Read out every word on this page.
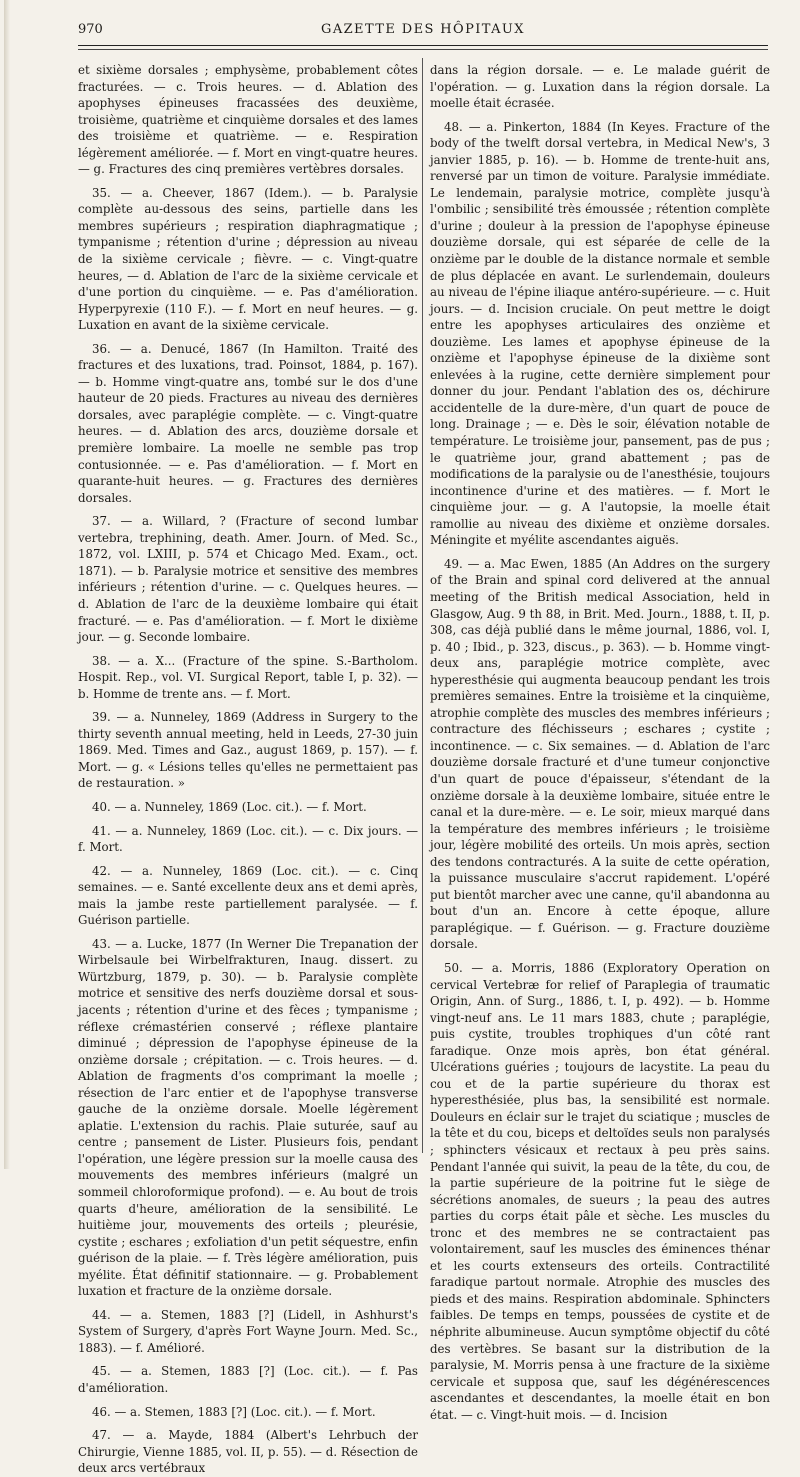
970	GAZETTE DES HÔPITAUX

et sixième dorsales ; emphysème, probablement côtes fracturées. — c. Trois heures. — d. Ablation des apophyses épineuses fracassées des deuxième, troisième, quatrième et cinquième dorsales et des lames des troisième et quatrième. — e. Respiration légèrement améliorée. — f. Mort en vingt-quatre heures. — g. Fractures des cinq premières vertèbres dorsales.

35. — a. Cheever, 1867 (Idem.). — b. Paralysie complète au-dessous des seins, partielle dans les membres supérieurs ; respiration diaphragmatique ; tympanisme ; rétention d'urine ; dépression au niveau de la sixième cervicale ; fièvre. — c. Vingt-quatre heures, — d. Ablation de l'arc de la sixième cervicale et d'une portion du cinquième. — e. Pas d'amélioration. Hyperpyrexie (110 F.). — f. Mort en neuf heures. — g. Luxation en avant de la sixième cervicale.

36. — a. Denucé, 1867 (In Hamilton. Traité des fractures et des luxations, trad. Poinsot, 1884, p. 167). — b. Homme vingt-quatre ans, tombé sur le dos d'une hauteur de 20 pieds. Fractures au niveau des dernières dorsales, avec paraplégie complète. — c. Vingt-quatre heures. — d. Ablation des arcs, douzième dorsale et première lombaire. La moelle ne semble pas trop contusionnée. — e. Pas d'amélioration. — f. Mort en quarante-huit heures. — g. Fractures des dernières dorsales.

37. — a. Willard, ? (Fracture of second lumbar vertebra, trephining, death. Amer. Journ. of Med. Sc., 1872, vol. LXIII, p. 574 et Chicago Med. Exam., oct. 1871). — b. Paralysie motrice et sensitive des membres inférieurs ; rétention d'urine. — c. Quelques heures. — d. Ablation de l'arc de la deuxième lombaire qui était fracturé. — e. Pas d'amélioration. — f. Mort le dixième jour. — g. Seconde lombaire.

38. — a. X... (Fracture of the spine. S.-Bartholom. Hospit. Rep., vol. VI. Surgical Report, table I, p. 32). — b. Homme de trente ans. — f. Mort.

39. — a. Nunneley, 1869 (Address in Surgery to the thirty seventh annual meeting, held in Leeds, 27-30 juin 1869. Med. Times and Gaz., august 1869, p. 157). — f. Mort. — g. « Lésions telles qu'elles ne permettaient pas de restauration. »

40. — a. Nunneley, 1869 (Loc. cit.). — f. Mort.

41. — a. Nunneley, 1869 (Loc. cit.). — c. Dix jours. — f. Mort.

42. — a. Nunneley, 1869 (Loc. cit.). — c. Cinq semaines. — e. Santé excellente deux ans et demi après, mais la jambe reste partiellement paralysée. — f. Guérison partielle.

43. — a. Lucke, 1877 (In Werner Die Trepanation der Wirbelsaule bei Wirbelfrakturen, Inaug. dissert. zu Würtzburg, 1879, p. 30). — b. Paralysie complète motrice et sensitive des nerfs douzième dorsal et sous-jacents ; rétention d'urine et des fèces ; tympanisme ; réflexe crémastérien conservé ; réflexe plantaire diminué ; dépression de l'apophyse épineuse de la onzième dorsale ; crépitation. — c. Trois heures. — d. Ablation de fragments d'os comprimant la moelle ; résection de l'arc entier et de l'apophyse transverse gauche de la onzième dorsale. Moelle légèrement aplatie. L'extension du rachis. Plaie suturée, sauf au centre ; pansement de Lister. Plusieurs fois, pendant l'opération, une légère pression sur la moelle causa des mouvements des membres inférieurs (malgré un sommeil chloroformique profond). — e. Au bout de trois quarts d'heure, amélioration de la sensibilité. Le huitième jour, mouvements des orteils ; pleurésie, cystite ; eschares ; exfoliation d'un petit séquestre, enfin guérison de la plaie. — f. Très légère amélioration, puis myélite. État définitif stationnaire. — g. Probablement luxation et fracture de la onzième dorsale.

44. — a. Stemen, 1883 [?] (Lidell, in Ashhurst's System of Surgery, d'après Fort Wayne Journ. Med. Sc., 1883). — f. Amélioré.

45. — a. Stemen, 1883 [?] (Loc. cit.). — f. Pas d'amélioration.

46. — a. Stemen, 1883 [?] (Loc. cit.). — f. Mort.

47. — a. Mayde, 1884 (Albert's Lehrbuch der Chirurgie, Vienne 1885, vol. II, p. 55). — d. Résection de deux arcs vertébraux

dans la région dorsale. — e. Le malade guérit de l'opération. — g. Luxation dans la région dorsale. La moelle était écrasée.

48. — a. Pinkerton, 1884 (In Keyes. Fracture of the body of the twelft dorsal vertebra, in Medical New's, 3 janvier 1885, p. 16). — b. Homme de trente-huit ans, renversé par un timon de voiture. Paralysie immédiate. Le lendemain, paralysie motrice, complète jusqu'à l'ombilic ; sensibilité très émoussée ; rétention complète d'urine ; douleur à la pression de l'apophyse épineuse douzième dorsale, qui est séparée de celle de la onzième par le double de la distance normale et semble de plus déplacée en avant. Le surlendemain, douleurs au niveau de l'épine iliaque antéro-supérieure. — c. Huit jours. — d. Incision cruciale. On peut mettre le doigt entre les apophyses articulaires des onzième et douzième. Les lames et apophyse épineuse de la onzième et l'apophyse épineuse de la dixième sont enlevées à la rugine, cette dernière simplement pour donner du jour. Pendant l'ablation des os, déchirure accidentelle de la dure-mère, d'un quart de pouce de long. Drainage ; — e. Dès le soir, élévation notable de température. Le troisième jour, pansement, pas de pus ; le quatrième jour, grand abattement ; pas de modifications de la paralysie ou de l'anesthésie, toujours incontinence d'urine et des matières. — f. Mort le cinquième jour. — g. A l'autopsie, la moelle était ramollie au niveau des dixième et onzième dorsales. Méningite et myélite ascendantes aiguës.

49. — a. Mac Ewen, 1885 (An Addres on the surgery of the Brain and spinal cord delivered at the annual meeting of the British medical Association, held in Glasgow, Aug. 9 th 88, in Brit. Med. Journ., 1888, t. II, p. 308, cas déjà publié dans le même journal, 1886, vol. I, p. 40 ; Ibid., p. 323, discus., p. 363). — b. Homme vingt-deux ans, paraplégie motrice complète, avec hyperesthésie qui augmenta beaucoup pendant les trois premières semaines. Entre la troisième et la cinquième, atrophie complète des muscles des membres inférieurs ; contracture des fléchisseurs ; eschares ; cystite ; incontinence. — c. Six semaines. — d. Ablation de l'arc douzième dorsale fracturé et d'une tumeur conjonctive d'un quart de pouce d'épaisseur, s'étendant de la onzième dorsale à la deuxième lombaire, située entre le canal et la dure-mère. — e. Le soir, mieux marqué dans la température des membres inférieurs ; le troisième jour, légère mobilité des orteils. Un mois après, section des tendons contracturés. A la suite de cette opération, la puissance musculaire s'accrut rapidement. L'opéré put bientôt marcher avec une canne, qu'il abandonna au bout d'un an. Encore à cette époque, allure paraplégique. — f. Guérison. — g. Fracture douzième dorsale.

50. — a. Morris, 1886 (Exploratory Operation on cervical Vertebræ for relief of Paraplegia of traumatic Origin, Ann. of Surg., 1886, t. I, p. 492). — b. Homme vingt-neuf ans. Le 11 mars 1883, chute ; paraplégie, puis cystite, troubles trophiques d'un côté rant faradique. Onze mois après, bon état général. Ulcérations guéries ; toujours de lacystite. La peau du cou et de la partie supérieure du thorax est hyperesthésiée, plus bas, la sensibilité est normale. Douleurs en éclair sur le trajet du sciatique ; muscles de la tête et du cou, biceps et deltoïdes seuls non paralysés ; sphincters vésicaux et rectaux à peu près sains. Pendant l'année qui suivit, la peau de la tête, du cou, de la partie supérieure de la poitrine fut le siège de sécrétions anomales, de sueurs ; la peau des autres parties du corps était pâle et sèche. Les muscles du tronc et des membres ne se contractaient pas volontairement, sauf les muscles des éminences thénar et les courts extenseurs des orteils. Contractilité faradique partout normale. Atrophie des muscles des pieds et des mains. Respiration abdominale. Sphincters faibles. De temps en temps, poussées de cystite et de néphrite albumineuse. Aucun symptôme objectif du côté des vertèbres. Se basant sur la distribution de la paralysie, M. Morris pensa à une fracture de la sixième cervicale et supposa que, sauf les dégénérescences ascendantes et descendantes, la moelle était en bon état. — c. Vingt-huit mois. — d. Incision
